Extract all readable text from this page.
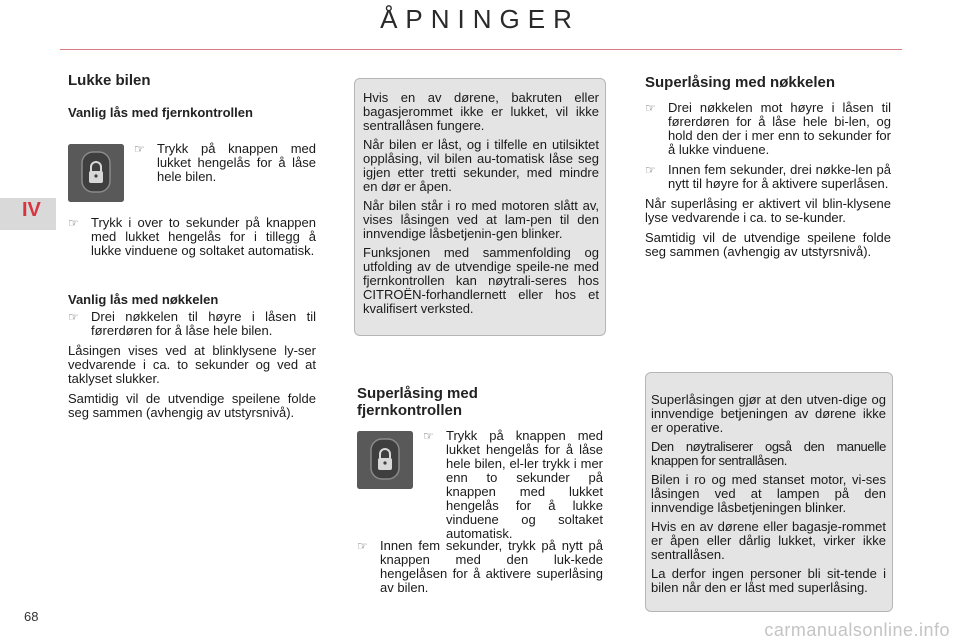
ÅPNINGER
IV
Lukke bilen
Vanlig lås med fjernkontrollen
☞ Trykk på knappen med lukket hengelås for å låse hele bilen.
☞ Trykk i over to sekunder på knappen med lukket hengelås for i tillegg å lukke vinduene og soltaket automatisk.
Vanlig lås med nøkkelen
☞ Drei nøkkelen til høyre i låsen til førerdøren for å låse hele bilen.

Låsingen vises ved at blinklysene ly-ser vedvarende i ca. to sekunder og ved at taklyset slukker.

Samtidig vil de utvendige speilene folde seg sammen (avhengig av utstyrsnivå).

Hvis en av dørene, bakruten eller bagasjerommet ikke er lukket, vil ikke sentrallåsen fungere.

Når bilen er låst, og i tilfelle en utilsiktet opplåsing, vil bilen au-tomatisk låse seg igjen etter tretti sekunder, med mindre en dør er åpen.

Når bilen står i ro med motoren slått av, vises låsingen ved at lam-pen til den innvendige låsbetjenin-gen blinker.

Funksjonen med sammenfolding og utfolding av de utvendige speile-ne med fjernkontrollen kan nøytrali-seres hos CITROËN-forhandlernett eller hos et kvalifisert verksted.

Superlåsing med
fjernkontrollen
☞ Trykk på knappen med lukket hengelås for å låse hele bilen, el-ler trykk i mer enn to sekunder på knappen med lukket hengelås for å lukke vinduene og soltaket automatisk.
☞ Innen fem sekunder, trykk på nytt på knappen med den luk-kede hengelåsen for å aktivere superlåsing av bilen.
Superlåsing med nøkkelen
☞ Drei nøkkelen mot høyre i låsen til førerdøren for å låse hele bi-len, og hold den der i mer enn to sekunder for å lukke vinduene.
☞ Innen fem sekunder, drei nøkke-len på nytt til høyre for å aktivere superlåsen.

Når superlåsing er aktivert vil blin-klysene lyse vedvarende i ca. to se-kunder.

Samtidig vil de utvendige speilene folde seg sammen (avhengig av utstyrsnivå).

Superlåsingen gjør at den utven-dige og innvendige betjeningen av dørene ikke er operative.

Den nøytraliserer også den manuelle knappen for sentrallåsen.

Bilen i ro og med stanset motor, vi-ses låsingen ved at lampen på den innvendige låsbetjeningen blinker.

Hvis en av dørene eller bagasje-rommet er åpen eller dårlig lukket, virker ikke sentrallåsen.

La derfor ingen personer bli sit-tende i bilen når den er låst med superlåsing.

68
carmanualsonline.info
